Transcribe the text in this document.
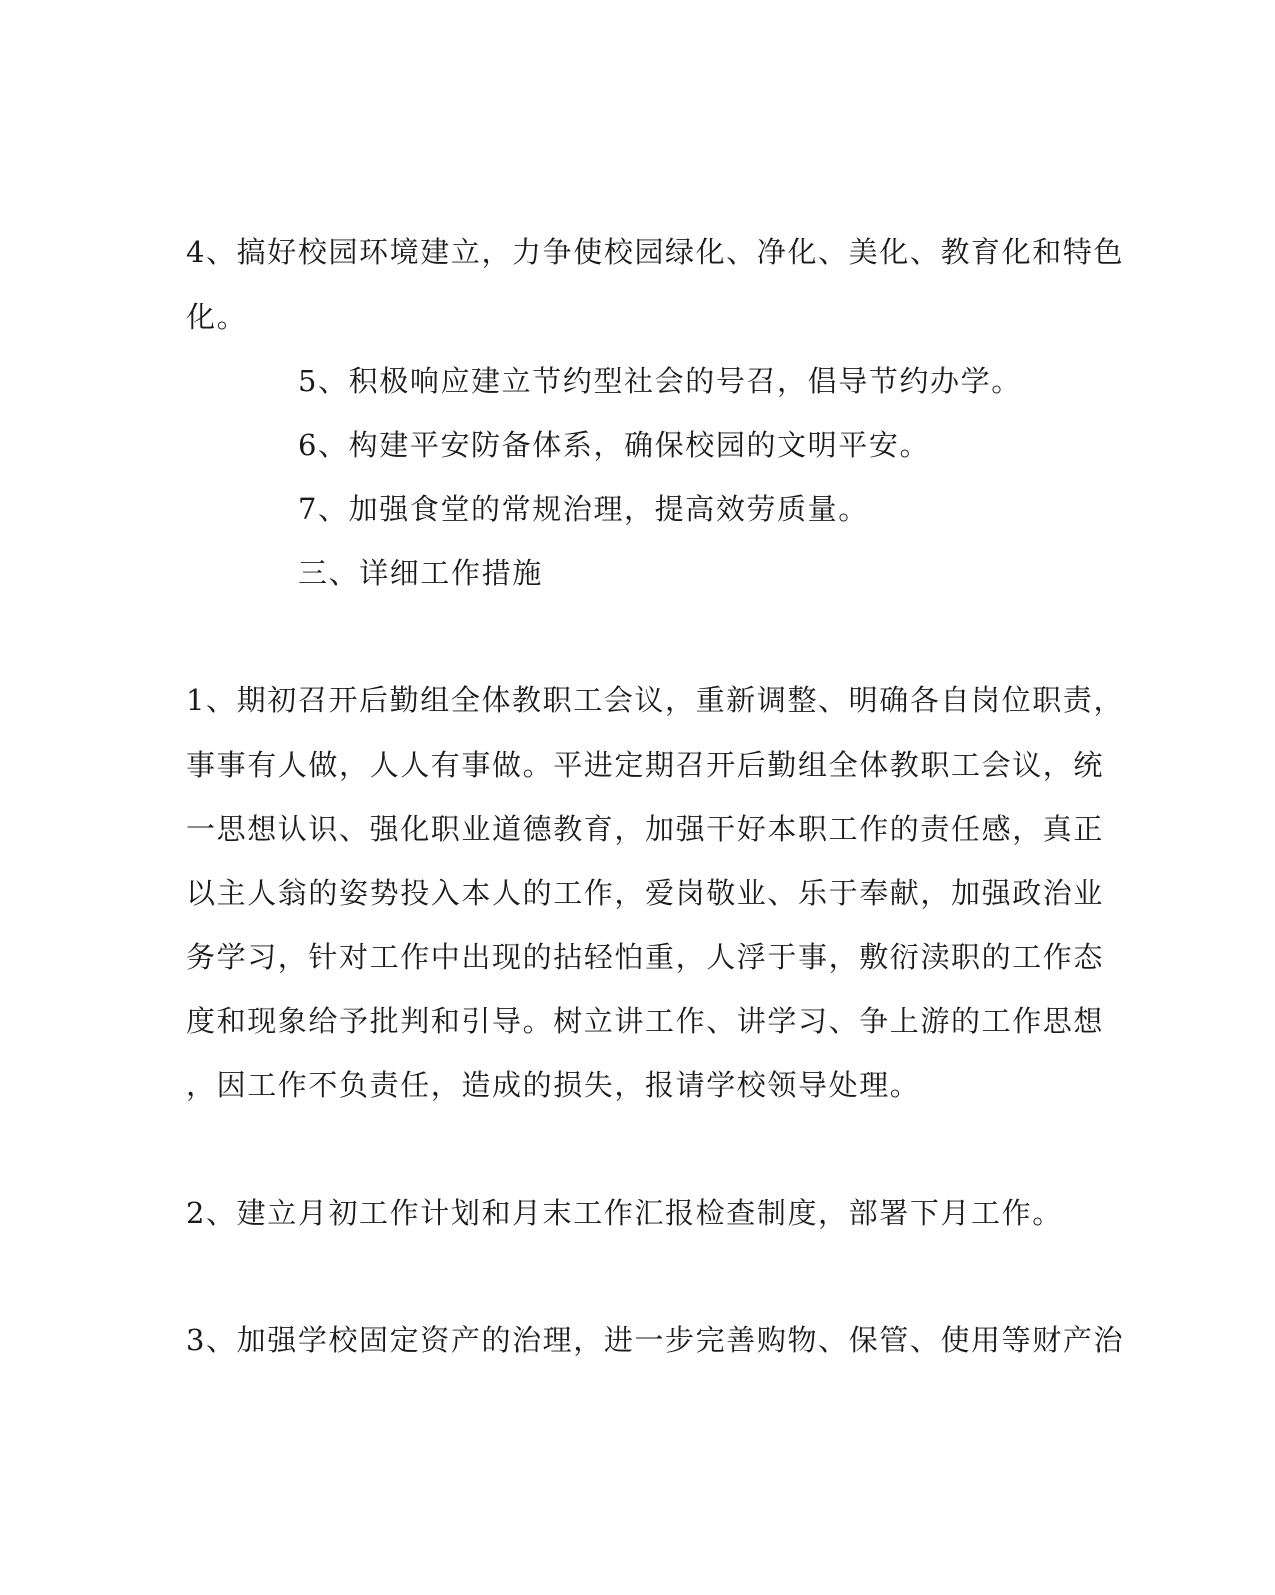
4、搞好校园环境建立，力争使校园绿化、净化、美化、教育化和特色
化。
5、积极响应建立节约型社会的号召，倡导节约办学。
6、构建平安防备体系，确保校园的文明平安。
7、加强食堂的常规治理，提高效劳质量。
三、详细工作措施
1、期初召开后勤组全体教职工会议，重新调整、明确各自岗位职责，
事事有人做，人人有事做。平进定期召开后勤组全体教职工会议，统
一思想认识、强化职业道德教育，加强干好本职工作的责任感，真正
以主人翁的姿势投入本人的工作，爱岗敬业、乐于奉献，加强政治业
务学习，针对工作中出现的拈轻怕重，人浮于事，敷衍渎职的工作态
度和现象给予批判和引导。树立讲工作、讲学习、争上游的工作思想
，因工作不负责任，造成的损失，报请学校领导处理。
2、建立月初工作计划和月末工作汇报检查制度，部署下月工作。
3、加强学校固定资产的治理，进一步完善购物、保管、使用等财产治
